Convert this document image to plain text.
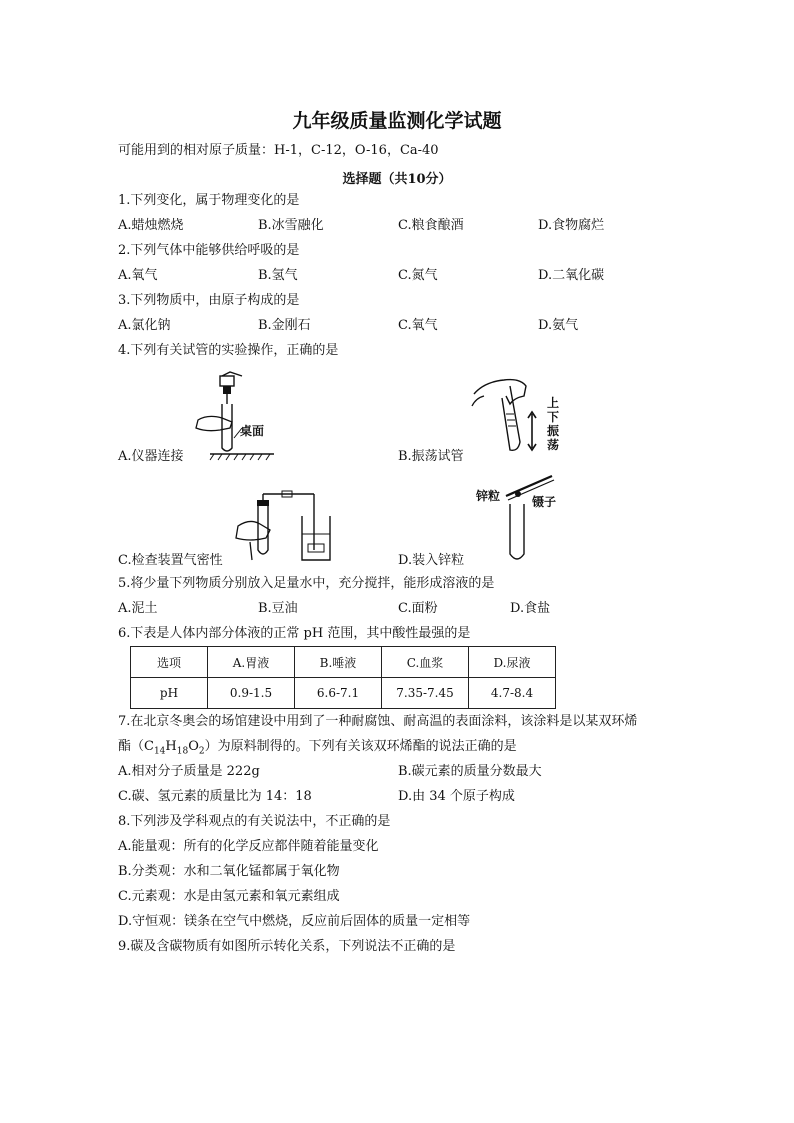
九年级质量监测化学试题
可能用到的相对原子质量：H-1，C-12，O-16，Ca-40
选择题（共10分）
1.下列变化，属于物理变化的是
A.蜡烛燃烧	B.冰雪融化	C.粮食酿酒	D.食物腐烂
2.下列气体中能够供给呼吸的是
A.氧气	B.氢气	C.氮气	D.二氧化碳
3.下列物质中，由原子构成的是
A.氯化钠	B.金刚石	C.氧气	D.氨气
4.下列有关试管的实验操作，正确的是
桌面
A.仪器连接
上下振荡
B.振荡试管
C.检查装置气密性
锌粒	镊子
D.装入锌粒
5.将少量下列物质分别放入足量水中，充分搅拌，能形成溶液的是
A.泥土	B.豆油	C.面粉	D.食盐
6.下表是人体内部分体液的正常 pH 范围，其中酸性最强的是
选项	A.胃液	B.唾液	C.血浆	D.尿液
pH	0.9-1.5	6.6-7.1	7.35-7.45	4.7-8.4
7.在北京冬奥会的场馆建设中用到了一种耐腐蚀、耐高温的表面涂料，该涂料是以某双环烯
酯$(C_{14}H_{18}O_2)$为原料制得的。下列有关该双环烯酯的说法正确的是
A.相对分子质量是 222g	B.碳元素的质量分数最大
C.碳、氢元素的质量比为 14：18	D.由 34 个原子构成
8.下列涉及学科观点的有关说法中，不正确的是
A.能量观：所有的化学反应都伴随着能量变化
B.分类观：水和二氧化锰都属于氧化物
C.元素观：水是由氢元素和氧元素组成
D.守恒观：镁条在空气中燃烧，反应前后固体的质量一定相等
9.碳及含碳物质有如图所示转化关系，下列说法不正确的是
